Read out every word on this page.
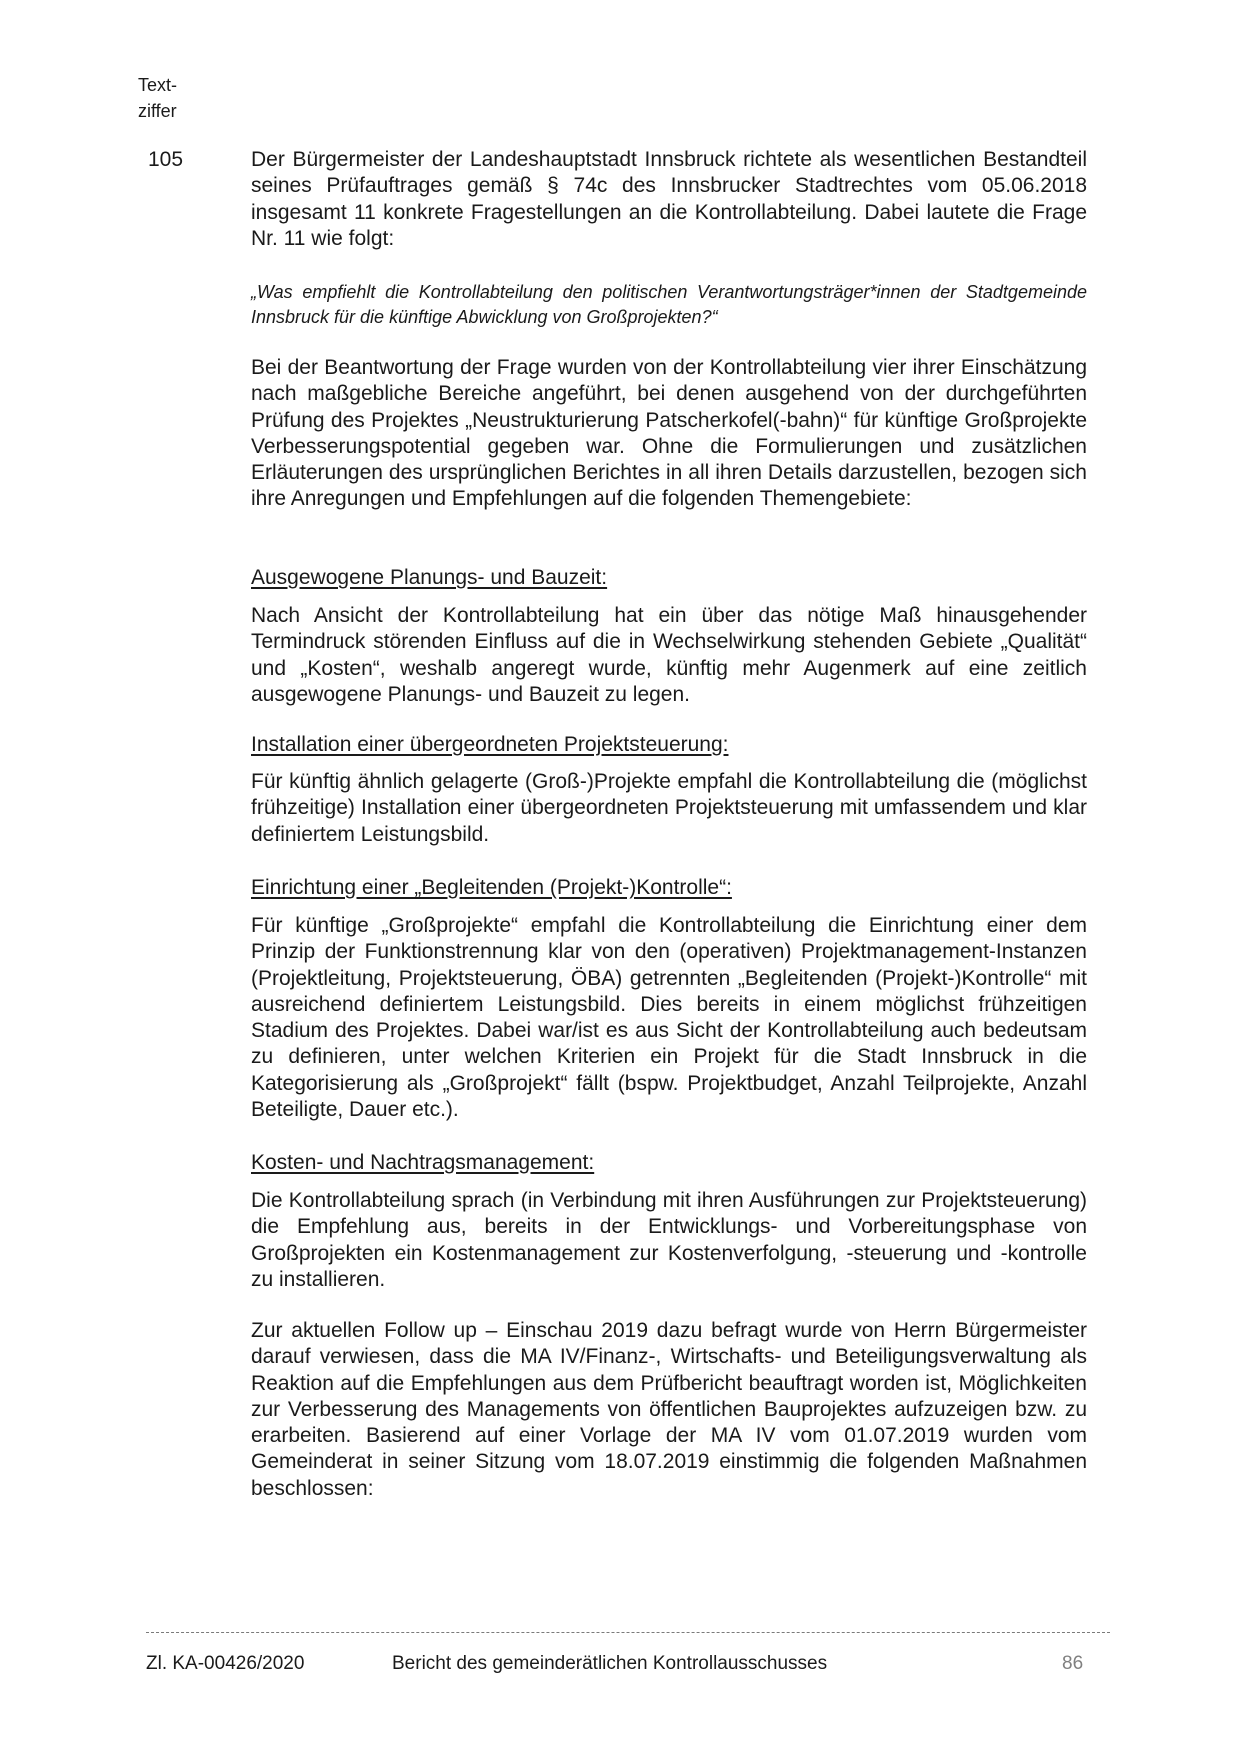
Text-
ziffer
105	Der Bürgermeister der Landeshauptstadt Innsbruck richtete als wesentlichen Bestandteil seines Prüfauftrages gemäß § 74c des Innsbrucker Stadtrechtes vom 05.06.2018 insgesamt 11 konkrete Fragestellungen an die Kontrollabteilung. Dabei lautete die Frage Nr. 11 wie folgt:
„Was empfiehlt die Kontrollabteilung den politischen Verantwortungsträger*innen der Stadtgemeinde Innsbruck für die künftige Abwicklung von Großprojekten?“
Bei der Beantwortung der Frage wurden von der Kontrollabteilung vier ihrer Einschätzung nach maßgebliche Bereiche angeführt, bei denen ausgehend von der durchgeführten Prüfung des Projektes „Neustrukturierung Patscherkofel(-bahn)“ für künftige Großprojekte Verbesserungspotential gegeben war. Ohne die Formulierungen und zusätzlichen Erläuterungen des ursprünglichen Berichtes in all ihren Details darzustellen, bezogen sich ihre Anregungen und Empfehlungen auf die folgenden Themengebiete:
Ausgewogene Planungs- und Bauzeit:
Nach Ansicht der Kontrollabteilung hat ein über das nötige Maß hinausgehender Termindruck störenden Einfluss auf die in Wechselwirkung stehenden Gebiete „Qualität“ und „Kosten“, weshalb angeregt wurde, künftig mehr Augenmerk auf eine zeitlich ausgewogene Planungs- und Bauzeit zu legen.
Installation einer übergeordneten Projektsteuerung:
Für künftig ähnlich gelagerte (Groß-)Projekte empfahl die Kontrollabteilung die (möglichst frühzeitige) Installation einer übergeordneten Projektsteuerung mit umfassendem und klar definiertem Leistungsbild.
Einrichtung einer „Begleitenden (Projekt-)Kontrolle“:
Für künftige „Großprojekte“ empfahl die Kontrollabteilung die Einrichtung einer dem Prinzip der Funktionstrennung klar von den (operativen) Projektmanagement-Instanzen (Projektleitung, Projektsteuerung, ÖBA) getrennten „Begleitenden (Projekt-)Kontrolle“ mit ausreichend definiertem Leistungsbild. Dies bereits in einem möglichst frühzeitigen Stadium des Projektes. Dabei war/ist es aus Sicht der Kontrollabteilung auch bedeutsam zu definieren, unter welchen Kriterien ein Projekt für die Stadt Innsbruck in die Kategorisierung als „Großprojekt“ fällt (bspw. Projektbudget, Anzahl Teilprojekte, Anzahl Beteiligte, Dauer etc.).
Kosten- und Nachtragsmanagement:
Die Kontrollabteilung sprach (in Verbindung mit ihren Ausführungen zur Projektsteuerung) die Empfehlung aus, bereits in der Entwicklungs- und Vorbereitungsphase von Großprojekten ein Kostenmanagement zur Kostenverfolgung, -steuerung und -kontrolle zu installieren.
Zur aktuellen Follow up – Einschau 2019 dazu befragt wurde von Herrn Bürgermeister darauf verwiesen, dass die MA IV/Finanz-, Wirtschafts- und Beteiligungsverwaltung als Reaktion auf die Empfehlungen aus dem Prüfbericht beauftragt worden ist, Möglichkeiten zur Verbesserung des Managements von öffentlichen Bauprojektes aufzuzeigen bzw. zu erarbeiten. Basierend auf einer Vorlage der MA IV vom 01.07.2019 wurden vom Gemeinderat in seiner Sitzung vom 18.07.2019 einstimmig die folgenden Maßnahmen beschlossen:
Zl. KA-00426/2020	Bericht des gemeinderätlichen Kontrollausschusses	86
